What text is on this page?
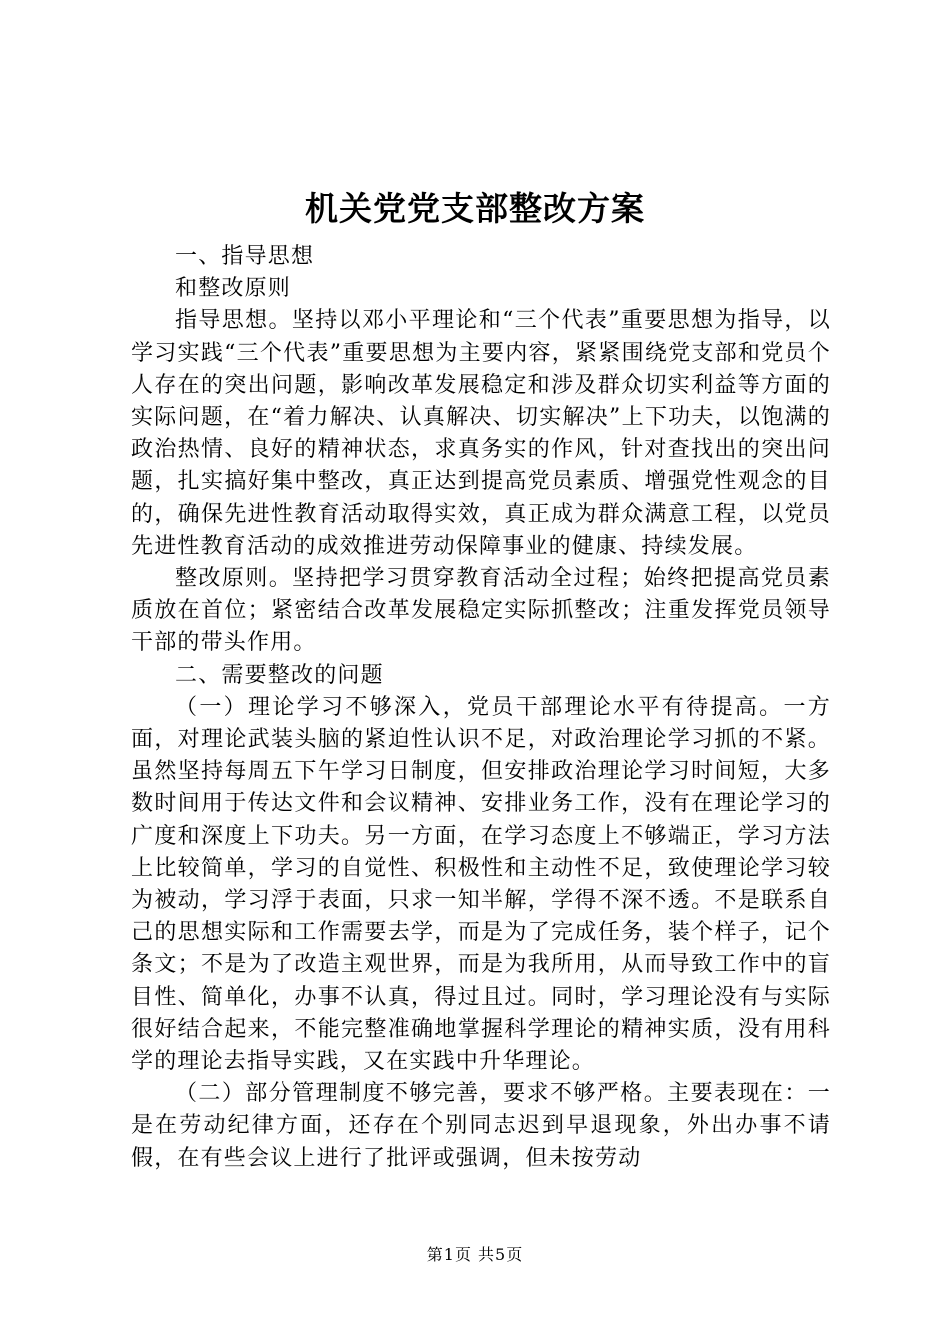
机关党党支部整改方案

一、指导思想

和整改原则

指导思想。坚持以邓小平理论和“三个代表”重要思想为指导，以学习实践“三个代表”重要思想为主要内容，紧紧围绕党支部和党员个人存在的突出问题，影响改革发展稳定和涉及群众切实利益等方面的实际问题，在“着力解决、认真解决、切实解决”上下功夫，以饱满的政治热情、良好的精神状态，求真务实的作风，针对查找出的突出问题，扎实搞好集中整改，真正达到提高党员素质、增强党性观念的目的，确保先进性教育活动取得实效，真正成为群众满意工程，以党员先进性教育活动的成效推进劳动保障事业的健康、持续发展。

整改原则。坚持把学习贯穿教育活动全过程；始终把提高党员素质放在首位；紧密结合改革发展稳定实际抓整改；注重发挥党员领导干部的带头作用。

二、需要整改的问题

（一）理论学习不够深入，党员干部理论水平有待提高。一方面，对理论武装头脑的紧迫性认识不足，对政治理论学习抓的不紧。虽然坚持每周五下午学习日制度，但安排政治理论学习时间短，大多数时间用于传达文件和会议精神、安排业务工作，没有在理论学习的广度和深度上下功夫。另一方面，在学习态度上不够端正，学习方法上比较简单，学习的自觉性、积极性和主动性不足，致使理论学习较为被动，学习浮于表面，只求一知半解，学得不深不透。不是联系自己的思想实际和工作需要去学，而是为了完成任务，装个样子，记个条文；不是为了改造主观世界，而是为我所用，从而导致工作中的盲目性、简单化，办事不认真，得过且过。同时，学习理论没有与实际很好结合起来，不能完整准确地掌握科学理论的精神实质，没有用科学的理论去指导实践，又在实践中升华理论。

（二）部分管理制度不够完善，要求不够严格。主要表现在：一是在劳动纪律方面，还存在个别同志迟到早退现象，外出办事不请假，在有些会议上进行了批评或强调，但未按劳动

第1页 共5页
